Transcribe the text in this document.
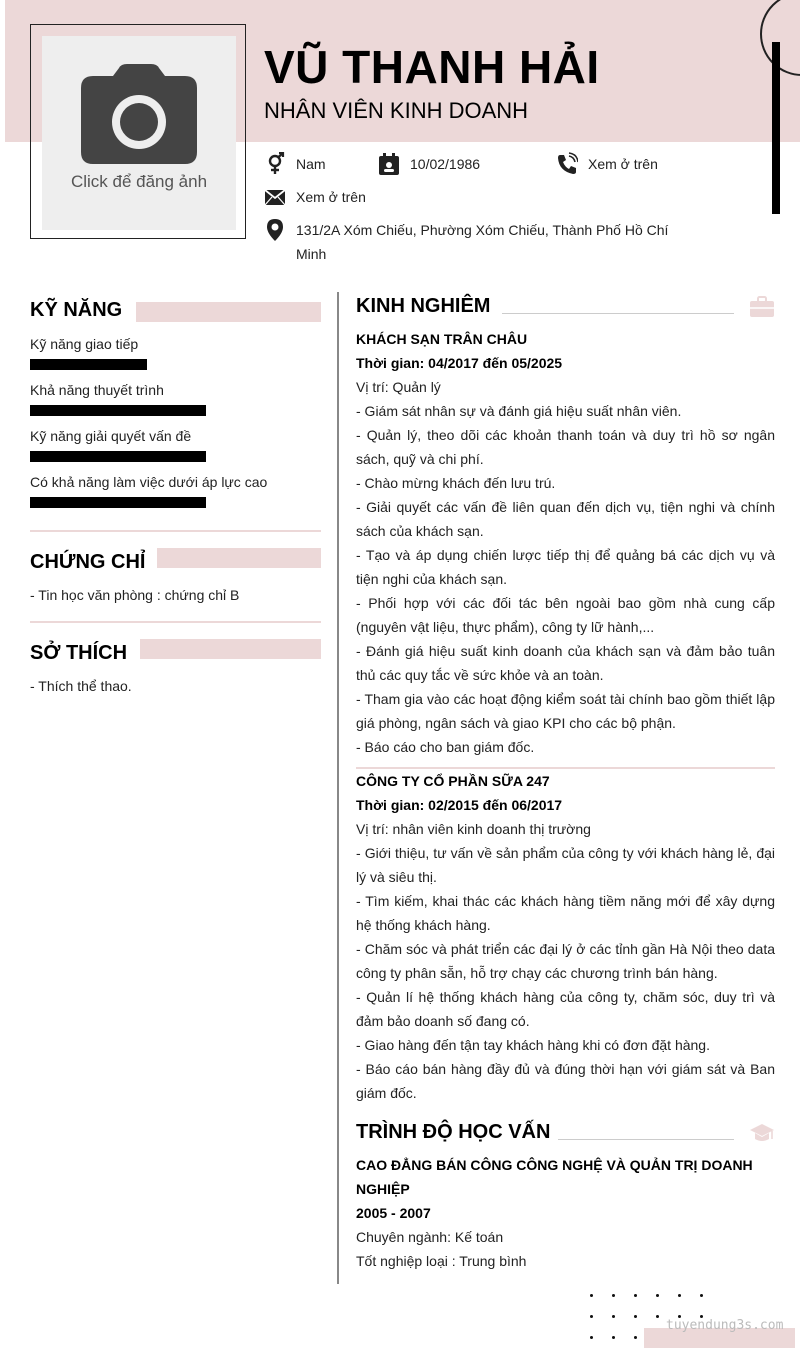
Click để đăng ảnh
VŨ THANH HẢI
NHÂN VIÊN KINH DOANH
Nam	10/02/1986	Xem ở trên
Xem ở trên
131/2A Xóm Chiếu, Phường Xóm Chiếu, Thành Phố Hồ Chí
Minh
KỸ NĂNG
Kỹ năng giao tiếp
Khả năng thuyết trình
Kỹ năng giải quyết vấn đề
Có khả năng làm việc dưới áp lực cao
CHỨNG CHỈ
- Tin học văn phòng : chứng chỉ B
SỞ THÍCH
- Thích thể thao.
KINH NGHIÊM
KHÁCH SẠN TRÂN CHÂU
Thời gian: 04/2017 đến 05/2025
Vị trí: Quản lý
- Giám sát nhân sự và đánh giá hiệu suất nhân viên.
- Quản lý, theo dõi các khoản thanh toán và duy trì hồ sơ ngân sách, quỹ và chi phí.
- Chào mừng khách đến lưu trú.
- Giải quyết các vấn đề liên quan đến dịch vụ, tiện nghi và chính sách của khách sạn.
- Tạo và áp dụng chiến lược tiếp thị để quảng bá các dịch vụ và tiện nghi của khách sạn.
- Phối hợp với các đối tác bên ngoài bao gồm nhà cung cấp (nguyên vật liệu, thực phẩm), công ty lữ hành,...
- Đánh giá hiệu suất kinh doanh của khách sạn và đảm bảo tuân thủ các quy tắc về sức khỏe và an toàn.
- Tham gia vào các hoạt động kiểm soát tài chính bao gồm thiết lập giá phòng, ngân sách và giao KPI cho các bộ phận.
- Báo cáo cho ban giám đốc.
CÔNG TY CỔ PHẦN SỮA 247
Thời gian: 02/2015 đến 06/2017
Vị trí: nhân viên kinh doanh thị trường
- Giới thiệu, tư vấn về sản phẩm của công ty với khách hàng lẻ, đại lý và siêu thị.
- Tìm kiếm, khai thác các khách hàng tiềm năng mới để xây dựng hệ thống khách hàng.
- Chăm sóc và phát triển các đại lý ở các tỉnh gần Hà Nội theo data công ty phân sẵn, hỗ trợ chạy các chương trình bán hàng.
- Quản lí hệ thống khách hàng của công ty, chăm sóc, duy trì và đảm bảo doanh số đang có.
- Giao hàng đến tận tay khách hàng khi có đơn đặt hàng.
- Báo cáo bán hàng đầy đủ và đúng thời hạn với giám sát và Ban giám đốc.
TRÌNH ĐỘ HỌC VẤN
CAO ĐẲNG BÁN CÔNG CÔNG NGHỆ VÀ QUẢN TRỊ DOANH NGHIỆP
2005 - 2007
Chuyên ngành: Kế toán
Tốt nghiệp loại : Trung bình
tuyendung3s.com
